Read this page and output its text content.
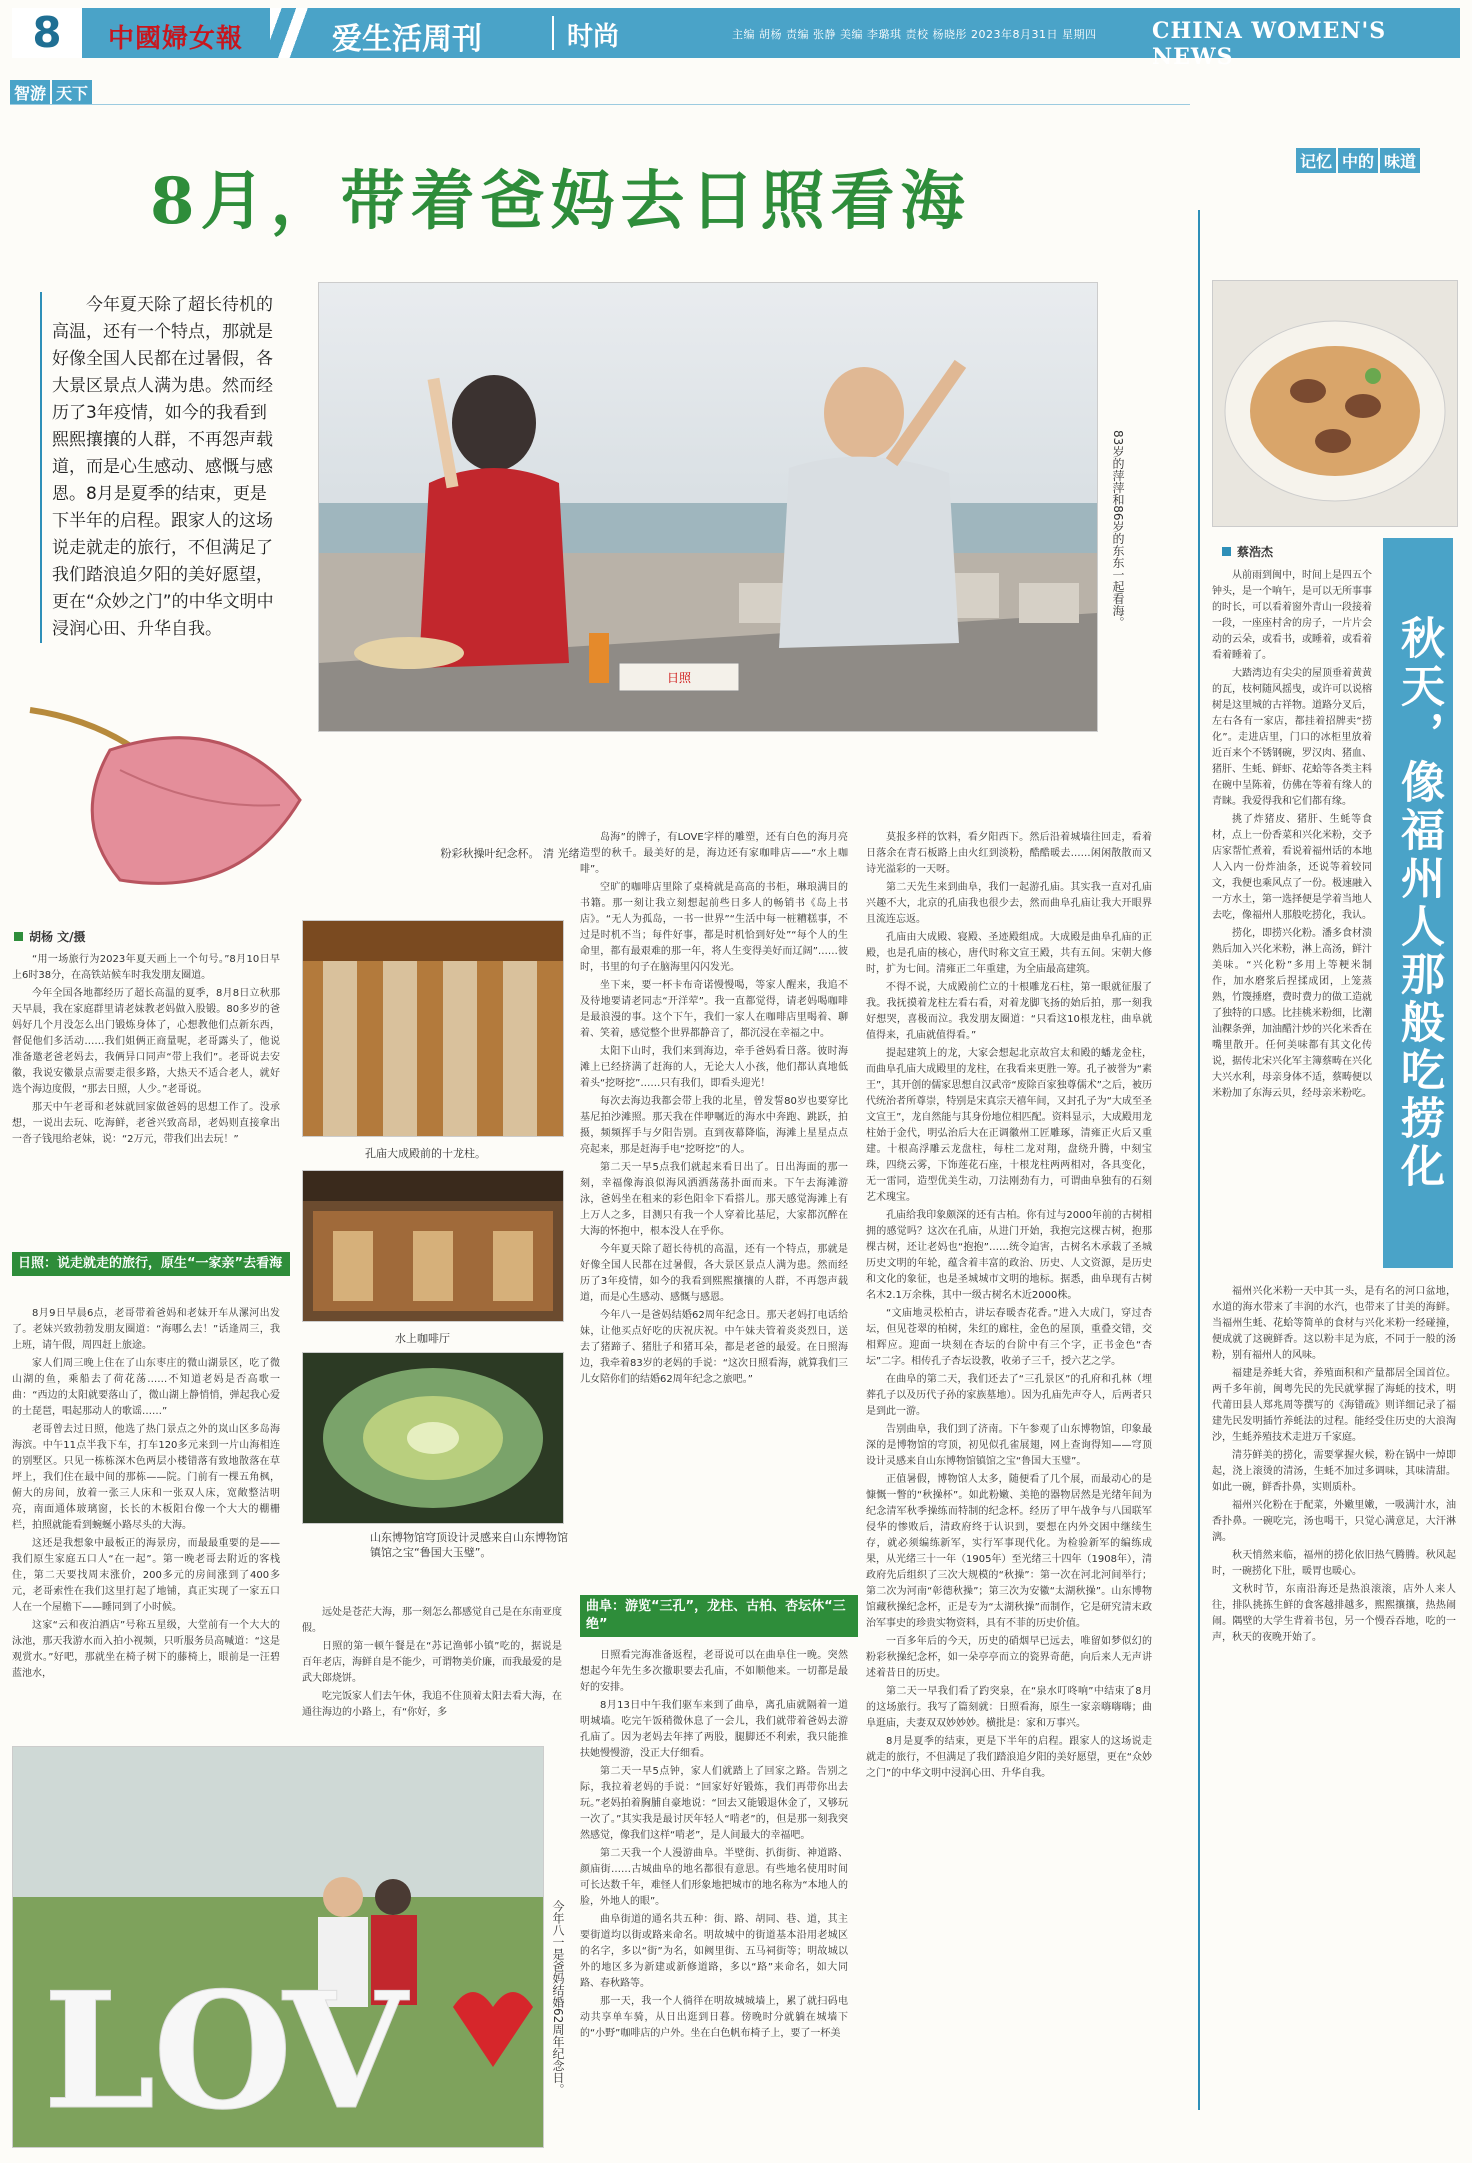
8	中國婦女報	爱生活周刊	时尚	主编 胡杨 责编 张静 美编 李璐琪 责校 杨晓彤 2023年8月31日 星期四	CHINA WOMEN'S NEWS
智游 天下
记忆 中的 味道
8月，带着爸妈去日照看海
今年夏天除了超长待机的高温，还有一个特点，那就是好像全国人民都在过暑假，各大景区景点人满为患。然而经历了3年疫情，如今的我看到熙熙攘攘的人群，不再怨声载道，而是心生感动、感慨与感恩。8月是夏季的结束，更是下半年的启程。跟家人的这场说走就走的旅行，不但满足了我们踏浪追夕阳的美好愿望，更在“众妙之门”的中华文明中浸润心田、升华自我。
日照
83岁的萍萍和86岁的东东一起看海。
粉彩秋操叶纪念杯。 清 光绪
胡杨 文/摄

“用一场旅行为2023年夏天画上一个句号。”8月10日早上6时38分，在高铁站候车时我发朋友圈道。

今年全国各地都经历了超长高温的夏季，8月8日立秋那天早晨，我在家庭群里请老妹教老妈做入股锻。80多岁的爸妈好几个月没怎么出门锻炼身体了，心想教他们点新东西，督促他们多活动……我们姐俩正商量呢，老哥露头了，他说准备邀老爸老妈去，我俩异口同声“带上我们”。老哥说去安徽，我说安徽景点需要走很多路，大热天不适合老人，就好选个海边度假，“那去日照，人少。”老哥说。

那天中午老哥和老妹就回家做爸妈的思想工作了。没承想，一说出去玩、吃海鲜，老爸兴致高昂，老妈则直接拿出一沓子钱甩给老妹，说：“2万元，带我们出去玩！”

日照：说走就走的旅行，原生“一家亲”去看海

8月9日早晨6点，老哥带着爸妈和老妹开车从漯河出发了。老妹兴致勃勃发朋友圈道：“海哪么去！”话逢周三，我上班，请午假，周四赶上旅途。

家人们周三晚上住在了山东枣庄的微山湖景区，吃了微山湖的鱼，乘船去了荷花荡……不知道老妈是否高歌一曲：“西边的太阳就要落山了，微山湖上静悄悄，弹起我心爱的土琵琶，唱起那动人的歌谣……”

老哥曾去过日照，他选了热门景点之外的岚山区多岛海海滨。中午11点半我下车，打车120多元来到一片山海相连的别墅区。只见一栋栋深木色两层小楼错落有致地散落在草坪上，我们住在最中间的那栋——院。门前有一棵五角枫，俯大的房间，放着一张三人床和一张双人床，宽敞整洁明亮，南面通体玻璃窗，长长的木板阳台像一个大大的棚栅栏，拍照就能看到蜿蜒小路尽头的大海。

这还是我想象中最板正的海景房，而最最重要的是——我们原生家庭五口人“在一起”。第一晚老哥去附近的客栈住，第二天要找周末涨价，200多元的房间涨到了400多元，老哥索性在我们这里打起了地铺，真正实现了一家五口人在一个屋檐下——睡同到了小时候。

这家“云和夜泊酒店”号称五星级，大堂前有一个大大的泳池，那天我游水而入拍小视频，只听服务员高喊道：“这是观赏水。”好吧，那就坐在椅子树下的藤椅上，眼前是一汪碧蓝池水，

孔庙大成殿前的十龙柱。
水上咖啡厅
山东博物馆穹顶设计灵感来自山东博物馆镇馆之宝“鲁国大玉璧”。

远处是苍茫大海，那一刻怎么都感觉自己是在东南亚度假。

日照的第一顿午餐是在“苏记渔邨小镇”吃的，据说是百年老店，海鲜自是不能少，可谓物美价廉，而我最爱的是武大郎烧饼。

吃完饭家人们去午休，我追不住顶着太阳去看大海，在通往海边的小路上，有“你好，多

L
O
V	今年八一是爸妈结婚62周年纪念日。

岛海”的牌子，有LOVE字样的雕塑，还有白色的海月亮造型的秋千。最美好的是，海边还有家咖啡店——“水上咖啡”。

空旷的咖啡店里除了桌椅就是高高的书柜，琳琅满目的书籍。那一刻让我立刻想起前些日多人的畅销书《岛上书店》。“无人为孤岛，一书一世界”“生活中每一桩糟糕事，不过是时机不当；每件好事，都是时机恰到好处”“每个人的生命里，都有最艰难的那一年，将人生变得美好而辽阔”……彼时，书里的句子在脑海里闪闪发光。

坐下来，要一杯卡布奇诺慢慢喝，等家人醒来，我追不及待地要请老同志“开洋荤”。我一直都觉得，请老妈喝咖啡是最浪漫的事。这个下午，我们一家人在咖啡店里喝着、聊着、笑着，感觉整个世界都静音了，都沉浸在幸福之中。

太阳下山时，我们来到海边，牵手爸妈看日落。彼时海滩上已经挤满了赶海的人，无论大人小孩，他们都认真地低着头“挖呀挖”……只有我们，即看头迎光！

每次去海边我都会带上我的北星，曾发誓80岁也要穿比基尼拍沙滩照。那天我在伴咿嘱近的海水中奔跑、跳跃，拍摄，频频挥手与夕阳告别。直到夜幕降临，海滩上星星点点亮起来，那是赶海手电“挖呀挖”的人。

第二天一早5点我们就起来看日出了。日出海面的那一刻，幸福像海浪似海风洒洒荡荡扑面而来。下午去海滩游泳，爸妈坐在租来的彩色阳伞下看搭儿。那天感觉海滩上有上万人之多，目测只有我一个人穿着比基尼，大家都沉醉在大海的怀抱中，根本没人在乎你。

今年夏天除了超长待机的高温，还有一个特点，那就是好像全国人民都在过暑假，各大景区景点人满为患。然而经历了3年疫情，如今的我看到熙熙攘攘的人群，不再怨声载道，而是心生感动、感慨与感恩。

今年八一是爸妈结婚62周年纪念日。那天老妈打电话给妹，让他买点好吃的庆祝庆祝。中午妹夫管着炎炎烈日，送去了猪蹄子、猪肚子和猪耳朵，都是老爸的最爱。在日照海边，我牵着83岁的老妈的手说：“这次日照看海，就算我们三儿女陪你们的结婚62周年纪念之旅吧。”

曲阜：游览“三孔”，龙柱、古柏、杏坛休“三绝”

日照看完海准备返程，老哥说可以在曲阜住一晚。突然想起今年先生多次撤职要去孔庙，不如顺他来。一切都是最好的安排。

8月13日中午我们驱车来到了曲阜，离孔庙就隔着一道明城墙。吃完午饭稍微休息了一会儿，我们就带着爸妈去游孔庙了。因为老妈去年摔了两股，腿脚还不利索，我只能推扶她慢慢游，没正大仔细看。

第二天一早5点钟，家人们就踏上了回家之路。告别之际，我拉着老妈的手说：“回家好好锻炼，我们再带你出去玩。”老妈拍着胸脯自豪地说：“回去又能锻退休金了，又够玩一次了。”其实我是最讨厌年轻人“啃老”的，但是那一刻我突然感觉，像我们这样“啃老”，是人间最大的幸福吧。

第二天我一个人漫游曲阜。半壁街、扒街街、神道路、颜庙街……古城曲阜的地名都很有意思。有些地名使用时间可长达数千年，难怪人们形象地把城市的地名称为“本地人的脸，外地人的眼”。

曲阜街道的通名共五种：街、路、胡同、巷、道，其主要街道均以街或路来命名。明故城中的街道基本沿用老城区的名字，多以“街”为名，如阙里街、五马祠街等；明故城以外的地区多为新建或新修道路，多以“路”来命名，如大同路、春秋路等。

那一天，我一个人徜徉在明故城城墙上，累了就扫码电动共享单车骑，从日出逛到日暮。傍晚时分就躺在城墙下的“小野”咖啡店的户外。坐在白色帆布椅子上，要了一杯美

莫报多样的饮料，看夕阳西下。然后沿着城墙往回走，看着日落余在青石板路上由火红到淡粉，酷酷暖去……闲闲散散而又诗光溢彩的一天呀。

第二天先生来到曲阜，我们一起游孔庙。其实我一直对孔庙兴趣不大，北京的孔庙我也很少去，然而曲阜孔庙让我大开眼界且流连忘返。

孔庙由大成殿、寝殿、圣迹殿组成。大成殿是曲阜孔庙的正殿，也是孔庙的核心，唐代时称文宣王殿，共有五间。宋朝大修时，扩为七间。清雍正二年重建，为全庙最高建筑。

不得不说，大成殿前伫立的十根雕龙石柱，第一眼就征服了我。我抚摸着龙柱左看右看，对着龙脚飞扬的始后拍，那一刻我好想哭，喜极而泣。我发朋友圈道：“只看这10根龙柱，曲阜就值得来，孔庙就值得看。”

提起建筑上的龙，大家会想起北京故宫太和殿的蟠龙金柱，而曲阜孔庙大成殿里的龙柱，在我看来更胜一筹。孔子被誉为“素王”，其开创的儒家思想自汉武帝“废除百家独尊儒术”之后，被历代统治者所尊崇，特别是宋真宗天禧年间，又封孔子为“大成至圣文宣王”，龙自然能与其身份地位相匹配。资料显示，大成殿用龙柱始于金代，明弘治后大在正调徽州工匠雕琢，清雍正火后又重建。十根高浮雕云龙盘柱，每柱二龙对翔，盘绕升腾，中刻宝珠，四绕云雾，下饰莲花石座，十根龙柱两两相对，各具变化，无一雷同，造型优美生动，刀法刚劲有力，可谓曲阜独有的石刻艺术瑰宝。

孔庙给我印象颇深的还有古柏。你有过与2000年前的古树相拥的感觉吗？这次在孔庙，从进门开始，我抱完这棵古树，抱那棵古树，还让老妈也“抱抱”……统令迫害，古树名木承载了圣城历史文明的年轮，蕴含着丰富的政治、历史、人文资源，是历史和文化的象征，也是圣城城市文明的地标。据悉，曲阜现有古树名木2.1万余株，其中一级古树名木近2000株。

“文庙地灵松柏古，讲坛春暖杏花香。”进入大成门，穿过杏坛，但见苍翠的柏树，朱红的廊柱，金色的屋顶，重叠交错，交相辉应。迎面一块刻在杏坛的台阶中有三个字，正书金色“杏坛”二字。相传孔子杏坛设教，收弟子三千，授六艺之学。

在曲阜的第二天，我们还去了“三孔景区”的孔府和孔林（埋葬孔子以及历代子孙的家族墓地）。因为孔庙先声夺人，后两者只是到此一游。

告别曲阜，我们到了济南。下午参观了山东博物馆，印象最深的是博物馆的穹顶，初见似孔雀展翅，网上查询得知——穹顶设计灵感来自山东博物馆镇馆之宝“鲁国大玉璧”。

正值暑假，博物馆人太多，随便看了几个展，而最动心的是慷慨一瞥的“秋操杯”。如此粉嫩、美艳的器物居然是光绪年间为纪念清军秋季操练而特制的纪念杯。经历了甲午战争与八国联军侵华的惨败后，清政府终于认识到，要想在内外交困中继续生存，就必须编练新军，实行军事现代化。为检验新军的编练成果，从光绪三十一年（1905年）至光绪三十四年（1908年），清政府先后组织了三次大规模的“秋操”：第一次在河北河间举行；第二次为河南“彰德秋操”；第三次为安徽“太湖秋操”。山东博物馆藏秋操纪念杯，正是专为“太湖秋操”而制作，它是研究清末政治军事史的珍贵实物资料，具有不菲的历史价值。

一百多年后的今天，历史的硝烟早已远去，唯留如梦似幻的粉彩秋操纪念杯，如一朵亭亭而立的瓷界奇葩，向后来人无声讲述着昔日的历史。

第二天一早我们看了趵突泉，在“泉水叮咚响”中结束了8月的这场旅行。我写了篇刻就：日照看海，原生一家亲嗨嗨嗨；曲阜逛庙，夫妻双双妙妙妙。横批是：家和万事兴。

8月是夏季的结束，更是下半年的启程。跟家人的这场说走就走的旅行，不但满足了我们踏浪追夕阳的美好愿望，更在“众妙之门”的中华文明中浸润心田、升华自我。

蔡浩杰
秋天，像福州人那般吃捞化

从前雨到闽中，时间上是四五个钟头，是一个响午，是可以无所事事的时长，可以看着窗外青山一段接着一段，一座座村舍的房子，一片片会动的云朵，或看书，或睡着，或看着看着睡着了。

大踏湾边有尖尖的屋顶垂着黄黄的瓦，枝柯随风摇曳，或许可以说榕树是这里城的古祥物。道路分叉后，左右各有一家店，都挂着招牌卖“捞化”。走进店里，门口的冰柜里放着近百来个不锈钢碗，罗汉肉、猪血、猪肝、生蚝、鲜虾、花蛤等各类主料在碗中呈陈着，仿佛在等着有缘人的青睐。我爱得我和它们都有缘。

挑了炸猪皮、猪肝、生蚝等食材，点上一份香菜和兴化米粉，交予店家帮忙煮着，看说着福州话的本地人入内一份炸油条，还说等着较同文，我便也乘风点了一份。极速融入一方水土，第一选择便是学着当地人去吃，像福州人那般吃捞化，我认。

捞化，即捞兴化粉。潘多食材溃熟后加入兴化米粉，淋上高汤，鲜汁美味。“兴化粉”多用上等粳米制作，加水磨浆后捏揉成团，上笼蒸熟，竹篾捶磨，费时费力的做工造就了独特的口感。比挂桃米粉细，比潮汕粿条弹，加油醋汁炒的兴化米香在嘴里散开。任何美味都有其文化传说，据传北宋兴化军主簿蔡畴在兴化大兴水利，母亲身体不适，蔡畴便以米粉加了东海云贝，经母亲米粉吃。

福州兴化米粉一天中其一头，是有名的河口盆地，水道的海水带来了丰润的水汽，也带来了甘美的海鲜。当福州生蚝、花蛤等简单的食材与兴化米粉一经碰撞，便成就了这碗鲜香。这以粉丰足为底，不同于一般的汤粉，别有福州人的风味。

福建是养蚝大省，养殖面积和产量都居全国首位。两千多年前，闽粤先民的先民就掌握了海蚝的技术，明代莆田县人郑兆周等撰写的《海错疏》则详细记录了福建先民发明插竹养蚝法的过程。能经受住历史的大浪淘沙，生蚝养殖技术走进万千家庭。

清芬鲜美的捞化，需要掌握火候，粉在锅中一焯即起，浇上滚烫的清汤，生蚝不加过多调味，其味清甜。如此一碗，鲜香扑鼻，实则质朴。

福州兴化粉在于配菜，外嫩里嫩，一吸满汁水，油香扑鼻。一碗吃完，汤也喝干，只觉心满意足，大汗淋漓。

秋天悄然来临，福州的捞化依旧热气腾腾。秋风起时，一碗捞化下肚，暖胃也暖心。

文秋时节，东南沿海还是热浪滚滚，店外人来人往，排队挑拣生鲜的食客越排越多，熙熙攘攘，热热闹闹。隅壁的大学生背着书包，另一个慢吞吞地，吃的一声，秋天的夜晚开始了。
